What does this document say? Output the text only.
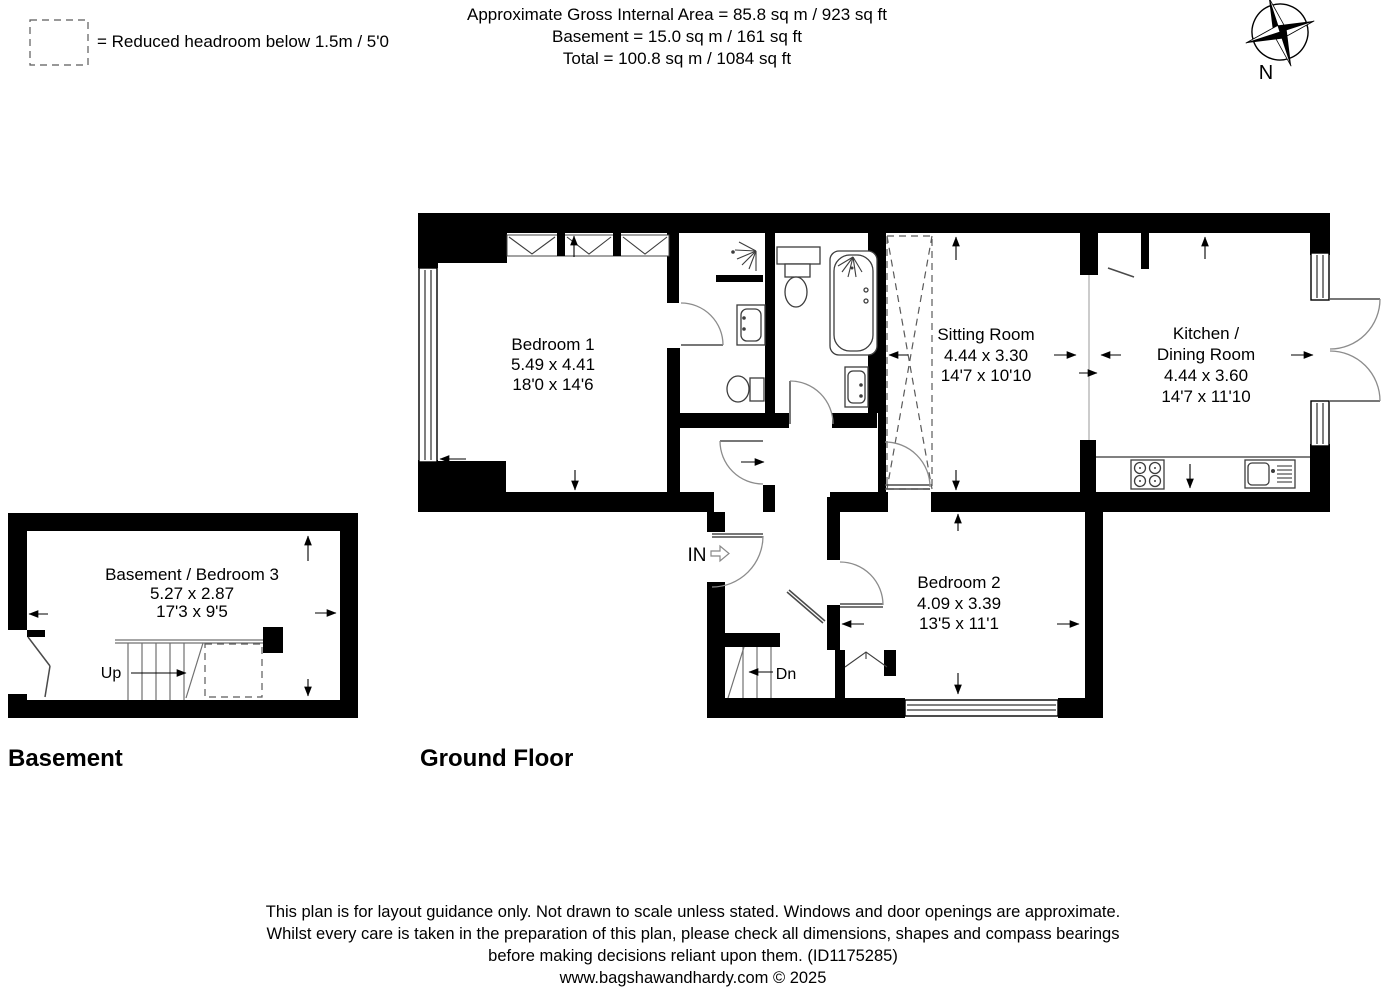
Approximate Gross Internal Area = 85.8 sq m / 923 sq ft
Basement = 15.0 sq m / 161 sq ft
Total = 100.8 sq m / 1084 sq ft
= Reduced headroom below 1.5m / 5'0
N
Bedroom 1
5.49 x 4.41
18'0 x 14'6
Sitting Room
4.44 x 3.30
14'7 x 10'10
Kitchen /
Dining Room
4.44 x 3.60
14'7 x 11'10
Bedroom 2
4.09 x 3.39
13'5 x 11'1
IN
Dn
Ground Floor
Basement / Bedroom 3
5.27 x 2.87
17'3 x 9'5
Up
Basement
This plan is for layout guidance only. Not drawn to scale unless stated. Windows and door openings are approximate.
Whilst every care is taken in the preparation of this plan, please check all dimensions, shapes and compass bearings
before making decisions reliant upon them. (ID1175285)
www.bagshawandhardy.com © 2025
